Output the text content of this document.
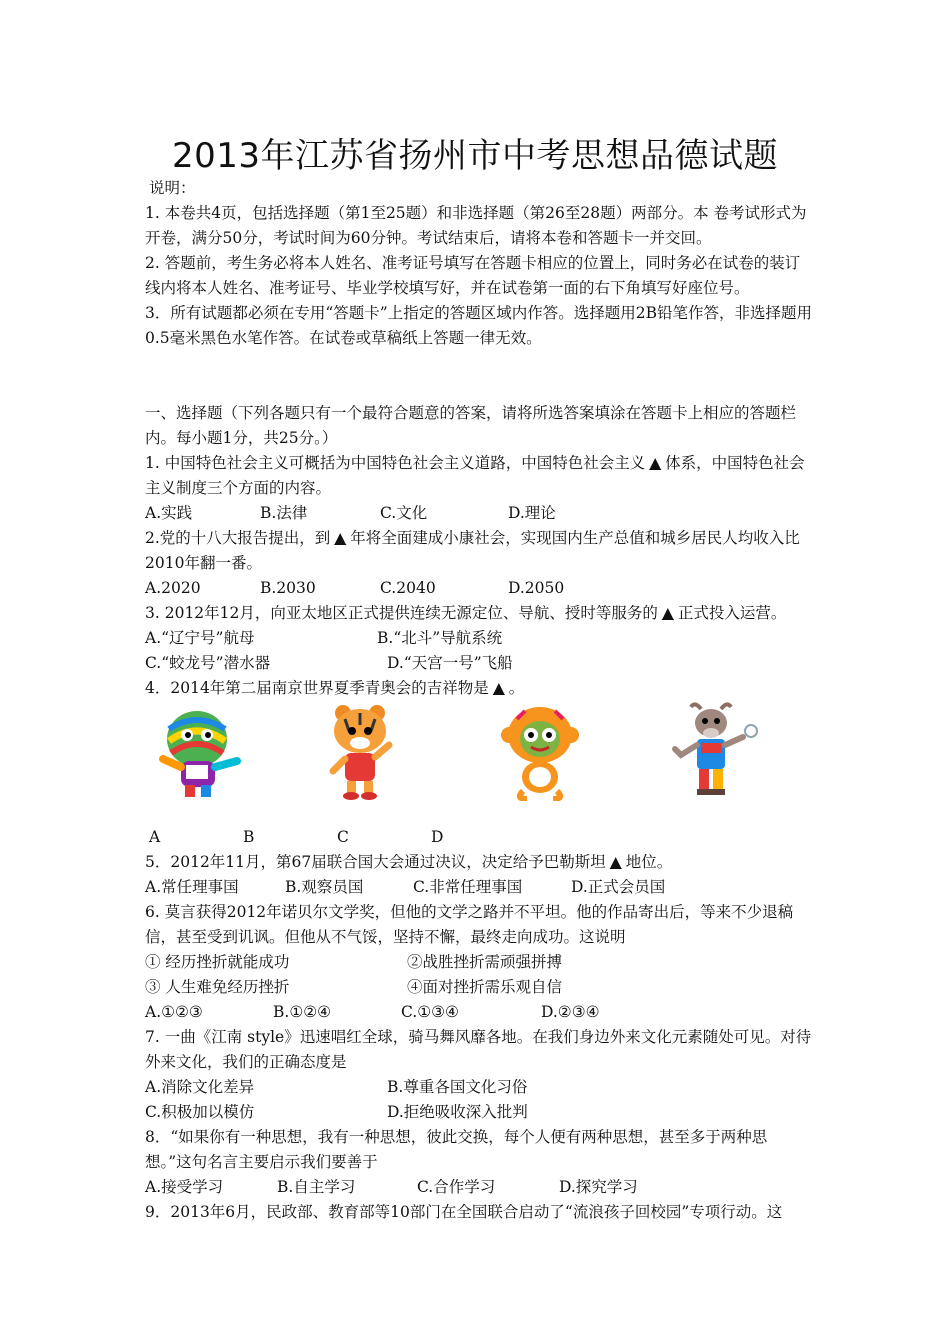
2013年江苏省扬州市中考思想品德试题

说明：

1. 本卷共4页，包括选择题（第1至25题）和非选择题（第26至28题）两部分。本 卷考试形式为开卷，满分50分，考试时间为60分钟。考试结束后，请将本卷和答题卡一并交回。

2. 答题前，考生务必将本人姓名、准考证号填写在答题卡相应的位置上，同时务必在试卷的装订线内将本人姓名、准考证号、毕业学校填写好，并在试卷第一面的右下角填写好座位号。

3．所有试题都必须在专用“答题卡”上指定的答题区域内作答。选择题用2B铅笔作答，非选择题用0.5毫米黑色水笔作答。在试卷或草稿纸上答题一律无效。

一、选择题（下列各题只有一个最符合题意的答案，请将所选答案填涂在答题卡上相应的答题栏内。每小题1分，共25分。）

1. 中国特色社会主义可概括为中国特色社会主义道路，中国特色社会主义 ▲ 体系，中国特色社会主义制度三个方面的内容。

A.实践	B.法律	C.文化	D.理论

2.党的十八大报告提出，到 ▲ 年将全面建成小康社会，实现国内生产总值和城乡居民人均收入比2010年翻一番。

A.2020	B.2030	C.2040	D.2050

3. 2012年12月，向亚太地区正式提供连续无源定位、导航、授时等服务的 ▲ 正式投入运营。

A.“辽宁号”航母	B.“北斗”导航系统
C.“蛟龙号”潜水器	D.“天宫一号”飞船

4．2014年第二届南京世界夏季青奥会的吉祥物是 ▲ 。

A	B	C	D

5．2012年11月，第67届联合国大会通过决议，决定给予巴勒斯坦 ▲ 地位。

A.常任理事国	B.观察员国	C.非常任理事国	D.正式会员国

6. 莫言获得2012年诺贝尔文学奖，但他的文学之路并不平坦。他的作品寄出后，等来不少退稿信，甚至受到讥讽。但他从不气馁，坚持不懈，最终走向成功。这说明

① 经历挫折就能成功	②战胜挫折需顽强拼搏
③ 人生难免经历挫折	④面对挫折需乐观自信
A.①②③	B.①②④	C.①③④	D.②③④

7. 一曲《江南 style》迅速唱红全球，骑马舞风靡各地。在我们身边外来文化元素随处可见。对待外来文化，我们的正确态度是

A.消除文化差异	B.尊重各国文化习俗
C.积极加以模仿	D.拒绝吸收深入批判

8．“如果你有一种思想，我有一种思想，彼此交换，每个人便有两种思想，甚至多于两种思想。”这句名言主要启示我们要善于

A.接受学习	B.自主学习	C.合作学习	D.探究学习

9．2013年6月，民政部、教育部等10部门在全国联合启动了“流浪孩子回校园”专项行动。这
